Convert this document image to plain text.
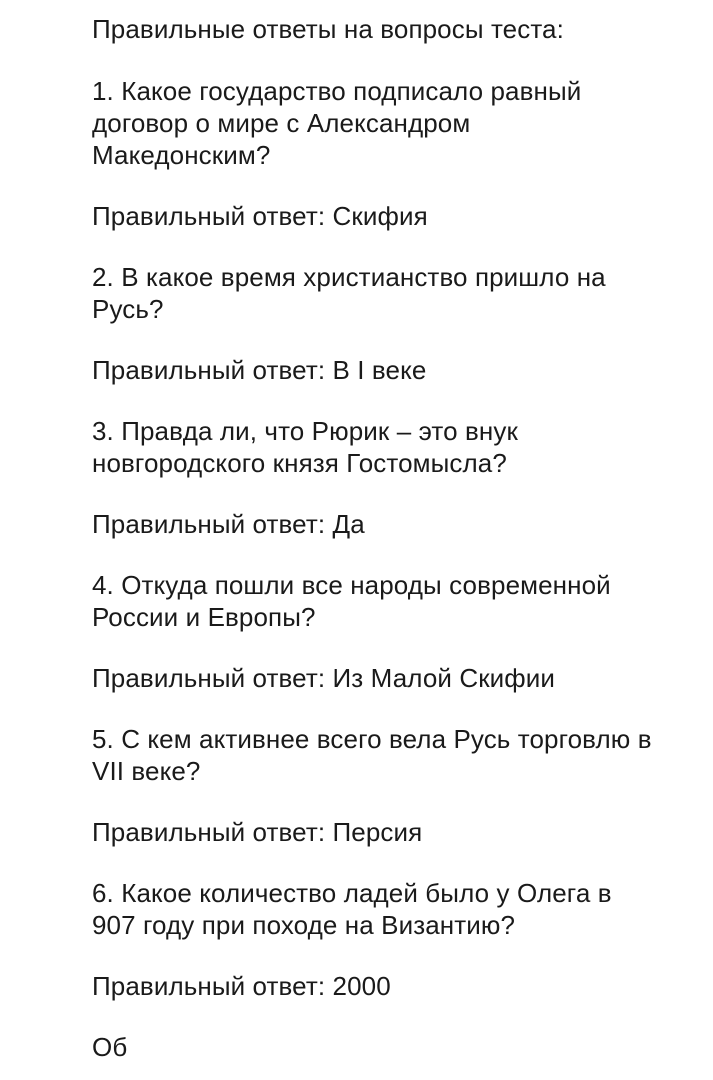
Правильные ответы на вопросы теста:

1. Какое государство подписало равный договор о мире с Александром Македонским?

Правильный ответ: Скифия

2. В какое время христианство пришло на Русь?

Правильный ответ: В I веке

3. Правда ли, что Рюрик – это внук новгородского князя Гостомысла?

Правильный ответ: Да

4. Откуда пошли все народы современной России и Европы?

Правильный ответ: Из Малой Скифии

5. С кем активнее всего вела Русь торговлю в VII веке?

Правильный ответ: Персия

6. Какое количество ладей было у Олега в 907 году при походе на Византию?

Правильный ответ: 2000

Об
